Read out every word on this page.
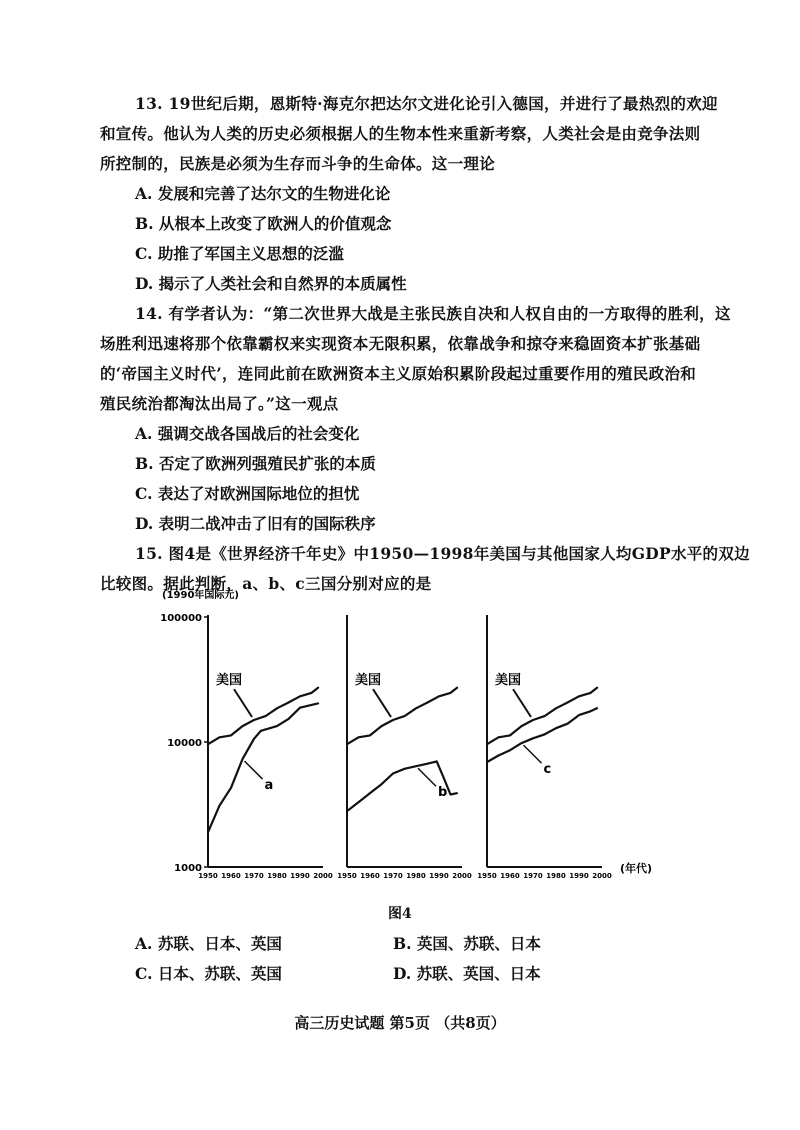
13. 19世纪后期，恩斯特·海克尔把达尔文进化论引入德国，并进行了最热烈的欢迎
和宣传。他认为人类的历史必须根据人的生物本性来重新考察，人类社会是由竞争法则
所控制的，民族是必须为生存而斗争的生命体。这一理论
A. 发展和完善了达尔文的生物进化论
B. 从根本上改变了欧洲人的价值观念
C. 助推了军国主义思想的泛滥
D. 揭示了人类社会和自然界的本质属性
14. 有学者认为：“第二次世界大战是主张民族自决和人权自由的一方取得的胜利，这
场胜利迅速将那个依靠霸权来实现资本无限积累，依靠战争和掠夺来稳固资本扩张基础
的‘帝国主义时代’，连同此前在欧洲资本主义原始积累阶段起过重要作用的殖民政治和
殖民统治都淘汰出局了。”这一观点
A. 强调交战各国战后的社会变化
B. 否定了欧洲列强殖民扩张的本质
C. 表达了对欧洲国际地位的担忧
D. 表明二战冲击了旧有的国际秩序
15. 图4是《世界经济千年史》中1950—1998年美国与其他国家人均GDP水平的双边
比较图。据此判断，a、b、c三国分别对应的是
(1990年国际元)
1000
10000
100000
1950 1960 1970 1980 1990 2000
美国
a
1950 1960 1970 1980 1990 2000
美国
b
1950 1960 1970 1980 1990 2000
美国
c
(年代)
图4
A. 苏联、日本、英国	B. 英国、苏联、日本
C. 日本、苏联、英国	D. 苏联、英国、日本
高三历史试题 第5页 （共8页）
